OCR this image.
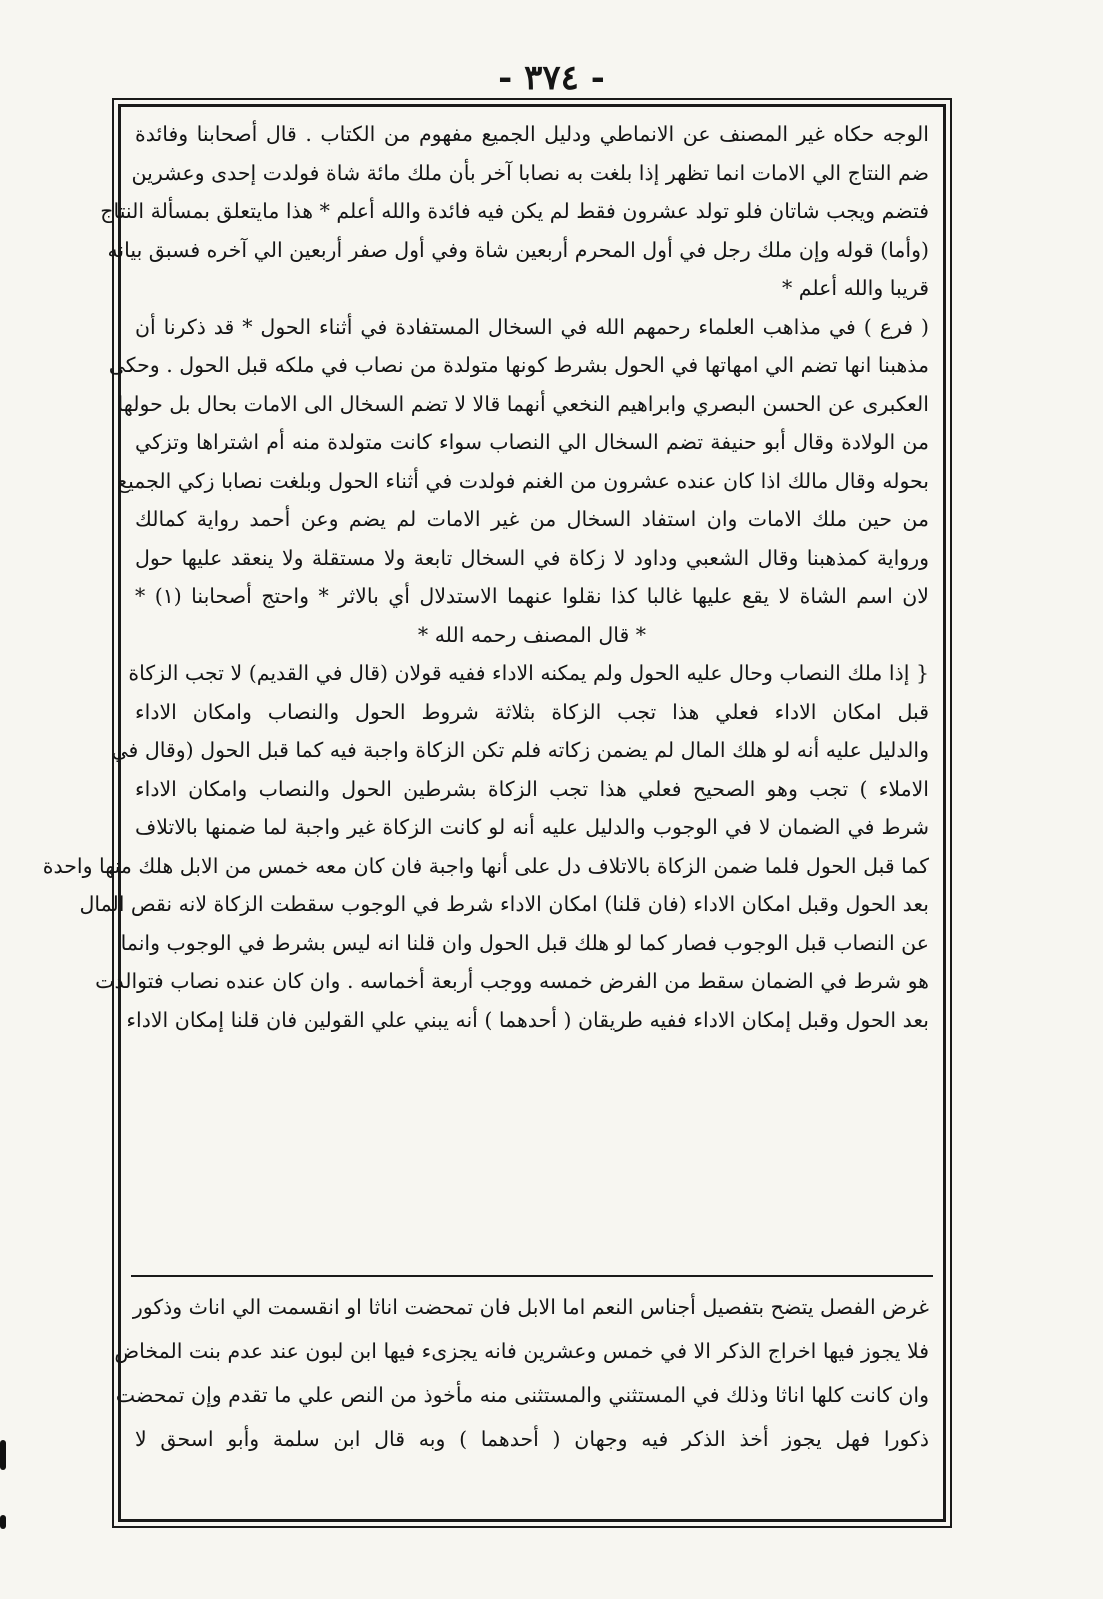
- ٣٧٤ -
الوجه حكاه غير المصنف عن الانماطي ودليل الجميع مفهوم من الكتاب . قال أصحابنا وفائدة
ضم النتاج الي الامات انما تظهر إذا بلغت به نصابا آخر بأن ملك مائة شاة فولدت إحدى وعشرين
فتضم ويجب شاتان فلو تولد عشرون فقط لم يكن فيه فائدة والله أعلم * هذا مايتعلق بمسألة النتاج
(وأما) قوله وإن ملك رجل في أول المحرم أربعين شاة وفي أول صفر أربعين الي آخره فسبق بيانه
قريبا والله أعلم *
( فرع ) في مذاهب العلماء رحمهم الله في السخال المستفادة في أثناء الحول * قد ذكرنا أن
مذهبنا انها تضم الي امهاتها في الحول بشرط كونها متولدة من نصاب في ملكه قبل الحول . وحكى
العكبرى عن الحسن البصري وابراهيم النخعي أنهما قالا لا تضم السخال الى الامات بحال بل حولها
من الولادة وقال أبو حنيفة تضم السخال الي النصاب سواء كانت متولدة منه أم اشتراها وتزكي
بحوله وقال مالك اذا كان عنده عشرون من الغنم فولدت في أثناء الحول وبلغت نصابا زكي الجميع
من حين ملك الامات وان استفاد السخال من غير الامات لم يضم وعن أحمد رواية كمالك
ورواية كمذهبنا وقال الشعبي وداود لا زكاة في السخال تابعة ولا مستقلة ولا ينعقد عليها حول
لان اسم الشاة لا يقع عليها غالبا كذا نقلوا عنهما الاستدلال أي بالاثر * واحتج أصحابنا (١) *
* قال المصنف رحمه الله *
{ إذا ملك النصاب وحال عليه الحول ولم يمكنه الاداء ففيه قولان (قال في القديم) لا تجب الزكاة
قبل امكان الاداء فعلي هذا تجب الزكاة بثلاثة شروط الحول والنصاب وامكان الاداء
والدليل عليه أنه لو هلك المال لم يضمن زكاته فلم تكن الزكاة واجبة فيه كما قبل الحول (وقال في
الاملاء ) تجب وهو الصحيح فعلي هذا تجب الزكاة بشرطين الحول والنصاب وامكان الاداء
شرط في الضمان لا في الوجوب والدليل عليه أنه لو كانت الزكاة غير واجبة لما ضمنها بالاتلاف
كما قبل الحول فلما ضمن الزكاة بالاتلاف دل على أنها واجبة فان كان معه خمس من الابل هلك منها واحدة
بعد الحول وقبل امكان الاداء (فان قلنا) امكان الاداء شرط في الوجوب سقطت الزكاة لانه نقص المال
عن النصاب قبل الوجوب فصار كما لو هلك قبل الحول وان قلنا انه ليس بشرط في الوجوب وانما
هو شرط في الضمان سقط من الفرض خمسه ووجب أربعة أخماسه . وان كان عنده نصاب فتوالدت
بعد الحول وقبل إمكان الاداء ففيه طريقان ( أحدهما ) أنه يبني علي القولين فان قلنا إمكان الاداء
غرض الفصل يتضح بتفصيل أجناس النعم اما الابل فان تمحضت اناثا او انقسمت الي اناث وذكور
فلا يجوز فيها اخراج الذكر الا في خمس وعشرين فانه يجزىء فيها ابن لبون عند عدم بنت المخاض
وان كانت كلها اناثا وذلك في المستثني والمستثنى منه مأخوذ من النص علي ما تقدم وإن تمحضت
ذكورا فهل يجوز أخذ الذكر فيه وجهان ( أحدهما ) وبه قال ابن سلمة وأبو اسحق لا
